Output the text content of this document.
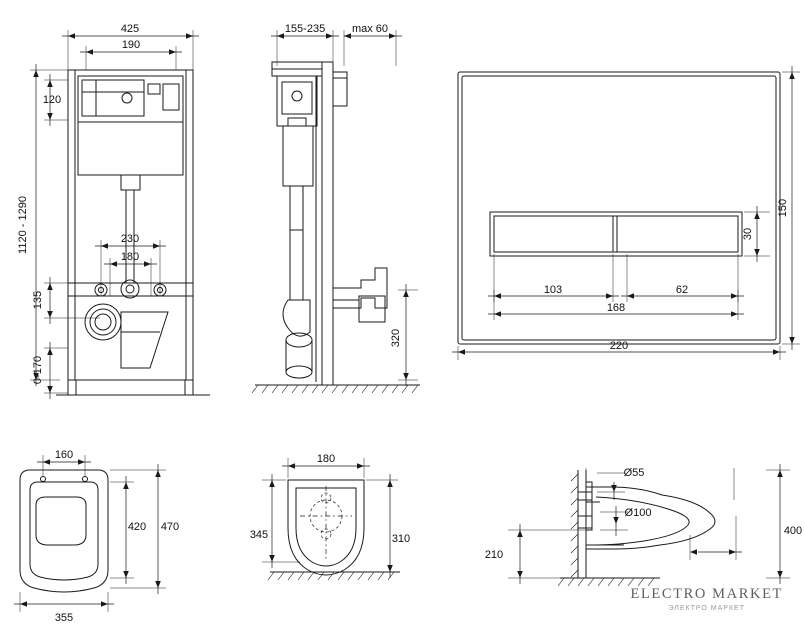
425
190
120
1120 - 1290	230
180
135
0-170
155-235 max 60
320
150
30
103	62
168
220
160
355
420 470
180
345	310
Ø55
Ø100
210
400
ELECTRO MARKET
ЭЛЕКТРО МАРКЕТ
